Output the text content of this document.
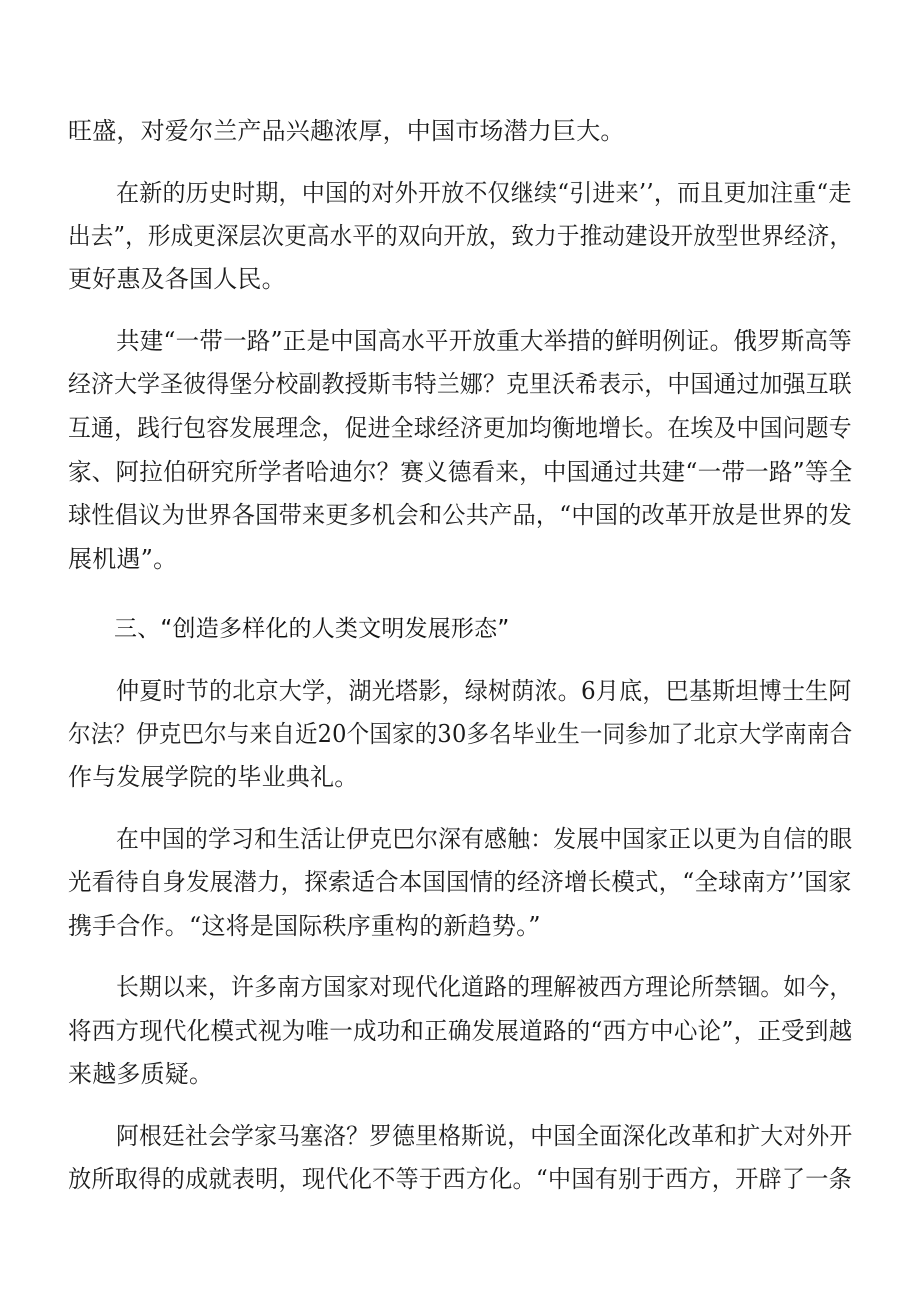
旺盛，对爱尔兰产品兴趣浓厚，中国市场潜力巨大。

在新的历史时期，中国的对外开放不仅继续“引进来’’，而且更加注重“走

出去”，形成更深层次更高水平的双向开放，致力于推动建设开放型世界经济，

更好惠及各国人民。

共建“一带一路”正是中国高水平开放重大举措的鲜明例证。俄罗斯高等

经济大学圣彼得堡分校副教授斯韦特兰娜？克里沃希表示，中国通过加强互联

互通，践行包容发展理念，促进全球经济更加均衡地增长。在埃及中国问题专

家、阿拉伯研究所学者哈迪尔？赛义德看来，中国通过共建“一带一路”等全

球性倡议为世界各国带来更多机会和公共产品，“中国的改革开放是世界的发

展机遇”。

三、“创造多样化的人类文明发展形态”

仲夏时节的北京大学，湖光塔影，绿树荫浓。6月底，巴基斯坦博士生阿

尔法？伊克巴尔与来自近20个国家的30多名毕业生一同参加了北京大学南南合

作与发展学院的毕业典礼。

在中国的学习和生活让伊克巴尔深有感触：发展中国家正以更为自信的眼

光看待自身发展潜力，探索适合本国国情的经济增长模式，“全球南方’’国家

携手合作。“这将是国际秩序重构的新趋势。”

长期以来，许多南方国家对现代化道路的理解被西方理论所禁锢。如今，

将西方现代化模式视为唯一成功和正确发展道路的“西方中心论”，正受到越

来越多质疑。

阿根廷社会学家马塞洛？罗德里格斯说，中国全面深化改革和扩大对外开

放所取得的成就表明，现代化不等于西方化。“中国有别于西方，开辟了一条
